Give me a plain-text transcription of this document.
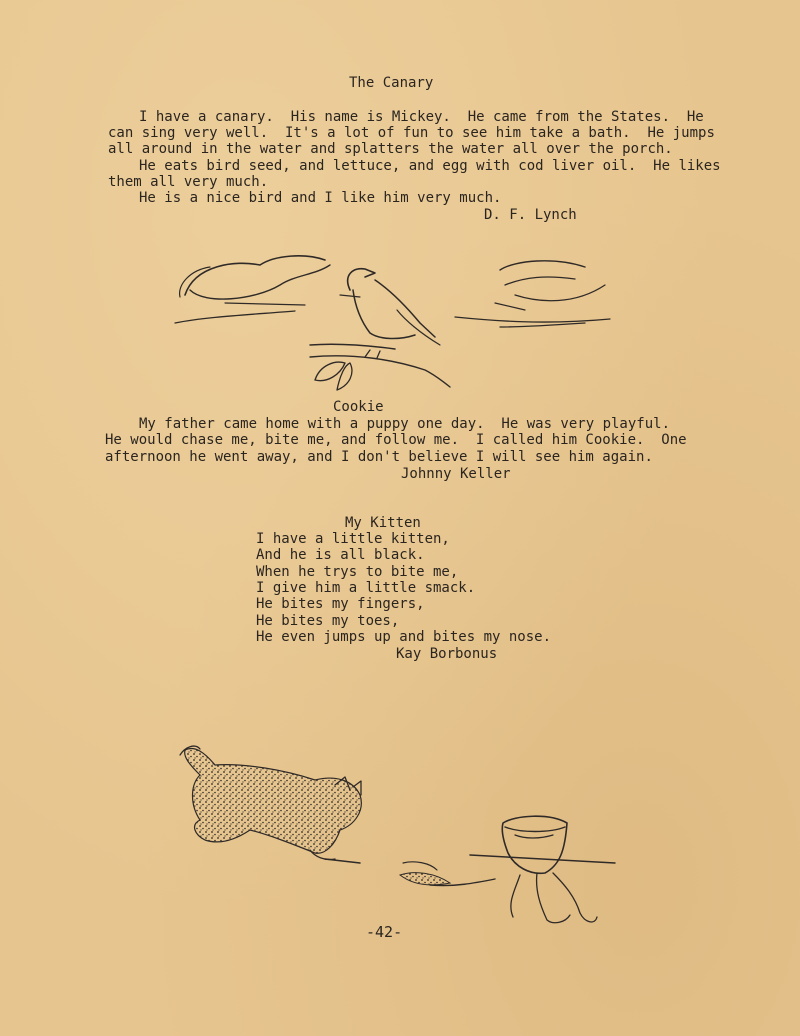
The Canary
I have a canary.  His name is Mickey.  He came from the States.  He
can sing very well.  It's a lot of fun to see him take a bath.  He jumps
all around in the water and splatters the water all over the porch.
He eats bird seed, and lettuce, and egg with cod liver oil.  He likes
them all very much.
He is a nice bird and I like him very much.
D. F. Lynch
Cookie
My father came home with a puppy one day.  He was very playful.
He would chase me, bite me, and follow me.  I called him Cookie.  One
afternoon he went away, and I don't believe I will see him again.
Johnny Keller
My Kitten
I have a little kitten,
And he is all black.
When he trys to bite me,
I give him a little smack.
He bites my fingers,
He bites my toes,
He even jumps up and bites my nose.
Kay Borbonus
-42-
